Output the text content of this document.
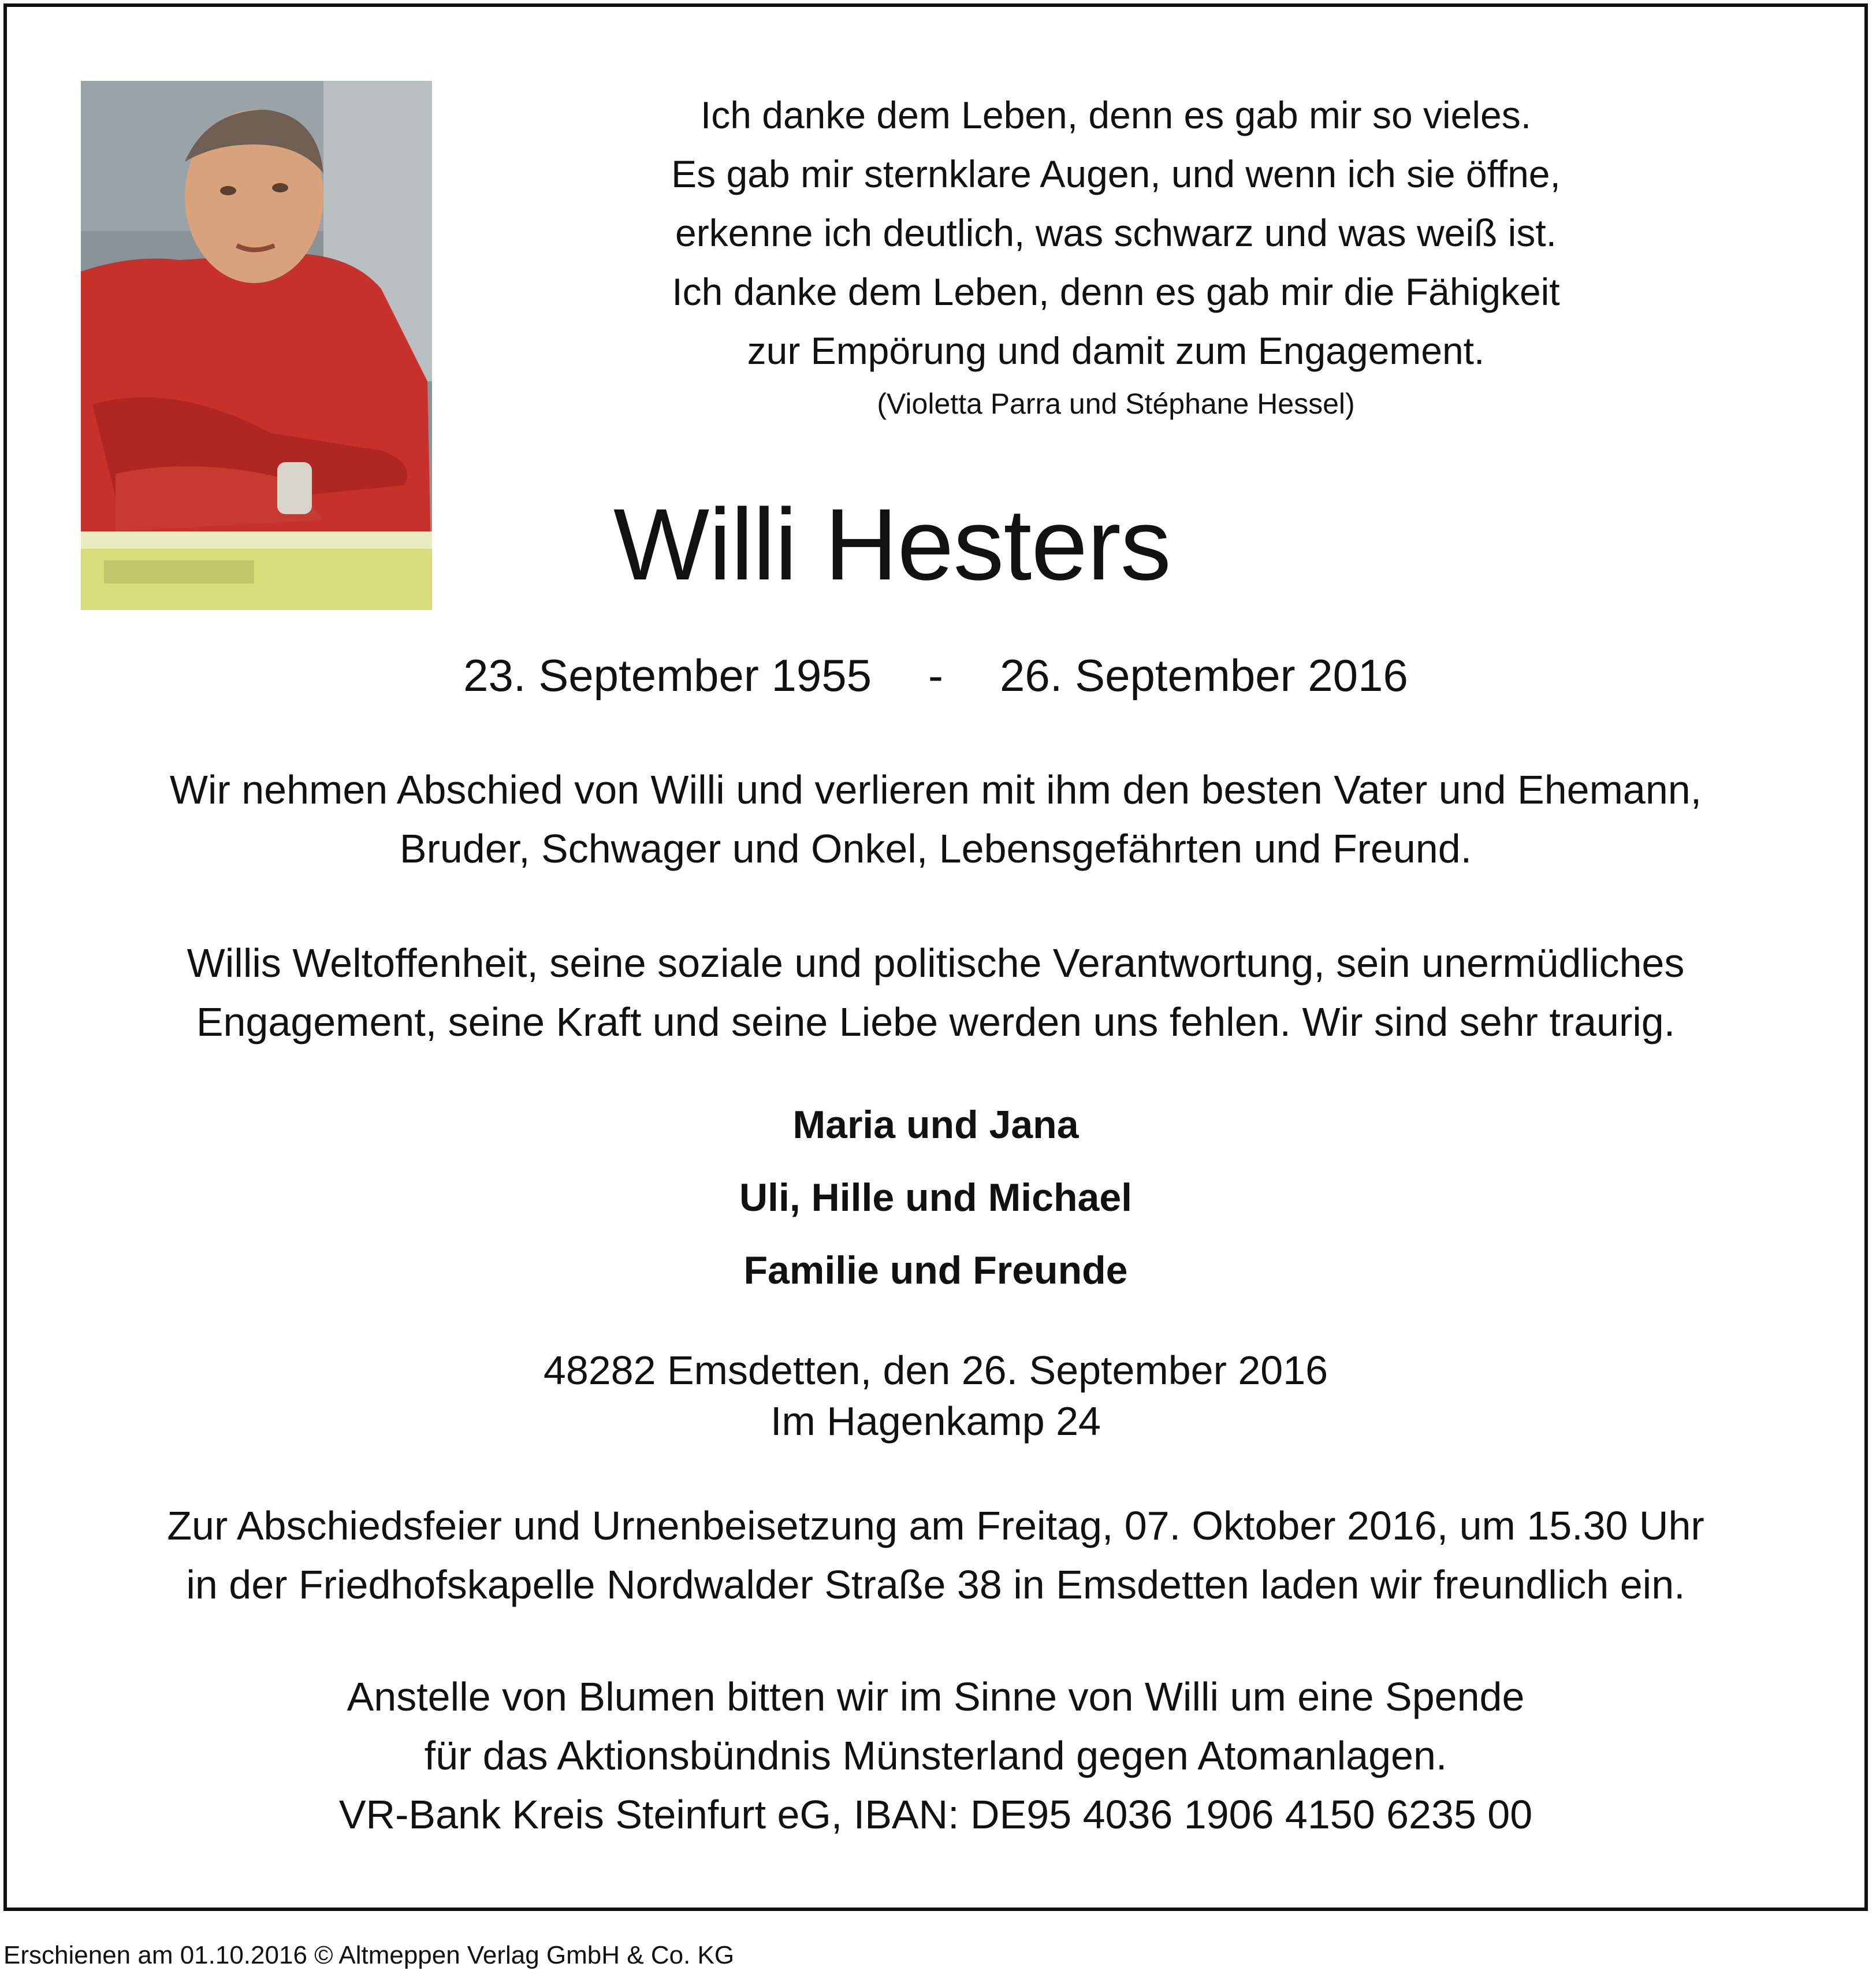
Ich danke dem Leben, denn es gab mir so vieles.
Es gab mir sternklare Augen, und wenn ich sie öffne,
erkenne ich deutlich, was schwarz und was weiß ist.
Ich danke dem Leben, denn es gab mir die Fähigkeit
zur Empörung und damit zum Engagement.
(Violetta Parra und Stéphane Hessel)
Willi Hesters
23. September 1955 - 26. September 2016
Wir nehmen Abschied von Willi und verlieren mit ihm den besten Vater und Ehemann,
Bruder, Schwager und Onkel, Lebensgefährten und Freund.
Willis Weltoffenheit, seine soziale und politische Verantwortung, sein unermüdliches
Engagement, seine Kraft und seine Liebe werden uns fehlen. Wir sind sehr traurig.
Maria und Jana
Uli, Hille und Michael
Familie und Freunde
48282 Emsdetten, den 26. September 2016
Im Hagenkamp 24
Zur Abschiedsfeier und Urnenbeisetzung am Freitag, 07. Oktober 2016, um 15.30 Uhr
in der Friedhofskapelle Nordwalder Straße 38 in Emsdetten laden wir freundlich ein.
Anstelle von Blumen bitten wir im Sinne von Willi um eine Spende
für das Aktionsbündnis Münsterland gegen Atomanlagen.
VR-Bank Kreis Steinfurt eG, IBAN: DE95 4036 1906 4150 6235 00
Erschienen am 01.10.2016 © Altmeppen Verlag GmbH & Co. KG
